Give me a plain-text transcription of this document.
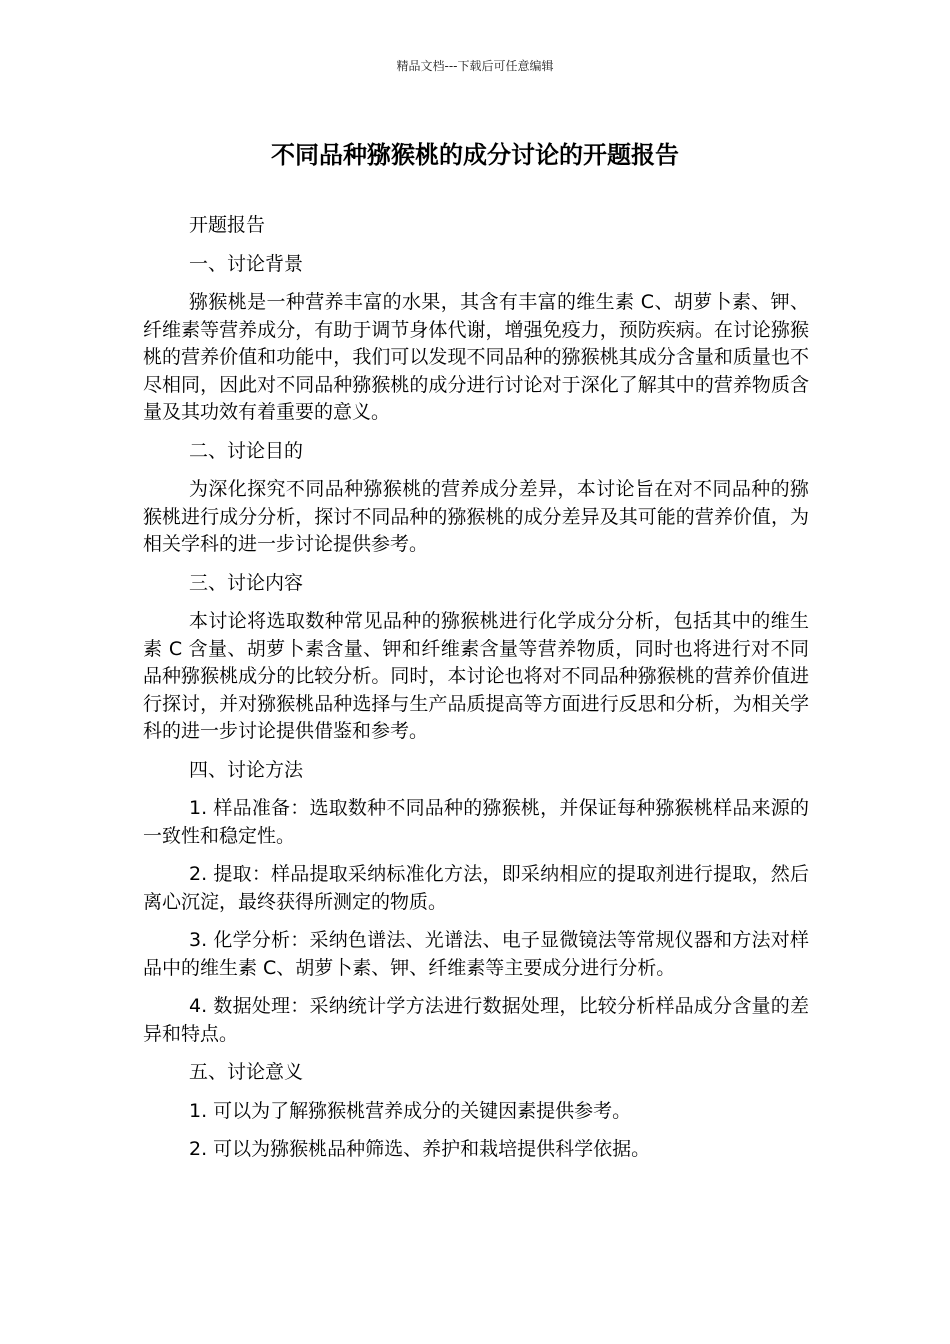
精品文档---下载后可任意编辑
不同品种猕猴桃的成分讨论的开题报告

开题报告

一、讨论背景

猕猴桃是一种营养丰富的水果，其含有丰富的维生素 C、胡萝卜素、钾、纤维素等营养成分，有助于调节身体代谢，增强免疫力，预防疾病。在讨论猕猴桃的营养价值和功能中，我们可以发现不同品种的猕猴桃其成分含量和质量也不尽相同，因此对不同品种猕猴桃的成分进行讨论对于深化了解其中的营养物质含量及其功效有着重要的意义。

二、讨论目的

为深化探究不同品种猕猴桃的营养成分差异，本讨论旨在对不同品种的猕猴桃进行成分分析，探讨不同品种的猕猴桃的成分差异及其可能的营养价值，为相关学科的进一步讨论提供参考。

三、讨论内容

本讨论将选取数种常见品种的猕猴桃进行化学成分分析，包括其中的维生素 C 含量、胡萝卜素含量、钾和纤维素含量等营养物质，同时也将进行对不同品种猕猴桃成分的比较分析。同时，本讨论也将对不同品种猕猴桃的营养价值进行探讨，并对猕猴桃品种选择与生产品质提高等方面进行反思和分析，为相关学科的进一步讨论提供借鉴和参考。

四、讨论方法

1. 样品准备：选取数种不同品种的猕猴桃，并保证每种猕猴桃样品来源的一致性和稳定性。

2. 提取：样品提取采纳标准化方法，即采纳相应的提取剂进行提取，然后离心沉淀，最终获得所测定的物质。

3. 化学分析：采纳色谱法、光谱法、电子显微镜法等常规仪器和方法对样品中的维生素 C、胡萝卜素、钾、纤维素等主要成分进行分析。

4. 数据处理：采纳统计学方法进行数据处理，比较分析样品成分含量的差异和特点。

五、讨论意义

1. 可以为了解猕猴桃营养成分的关键因素提供参考。

2. 可以为猕猴桃品种筛选、养护和栽培提供科学依据。
